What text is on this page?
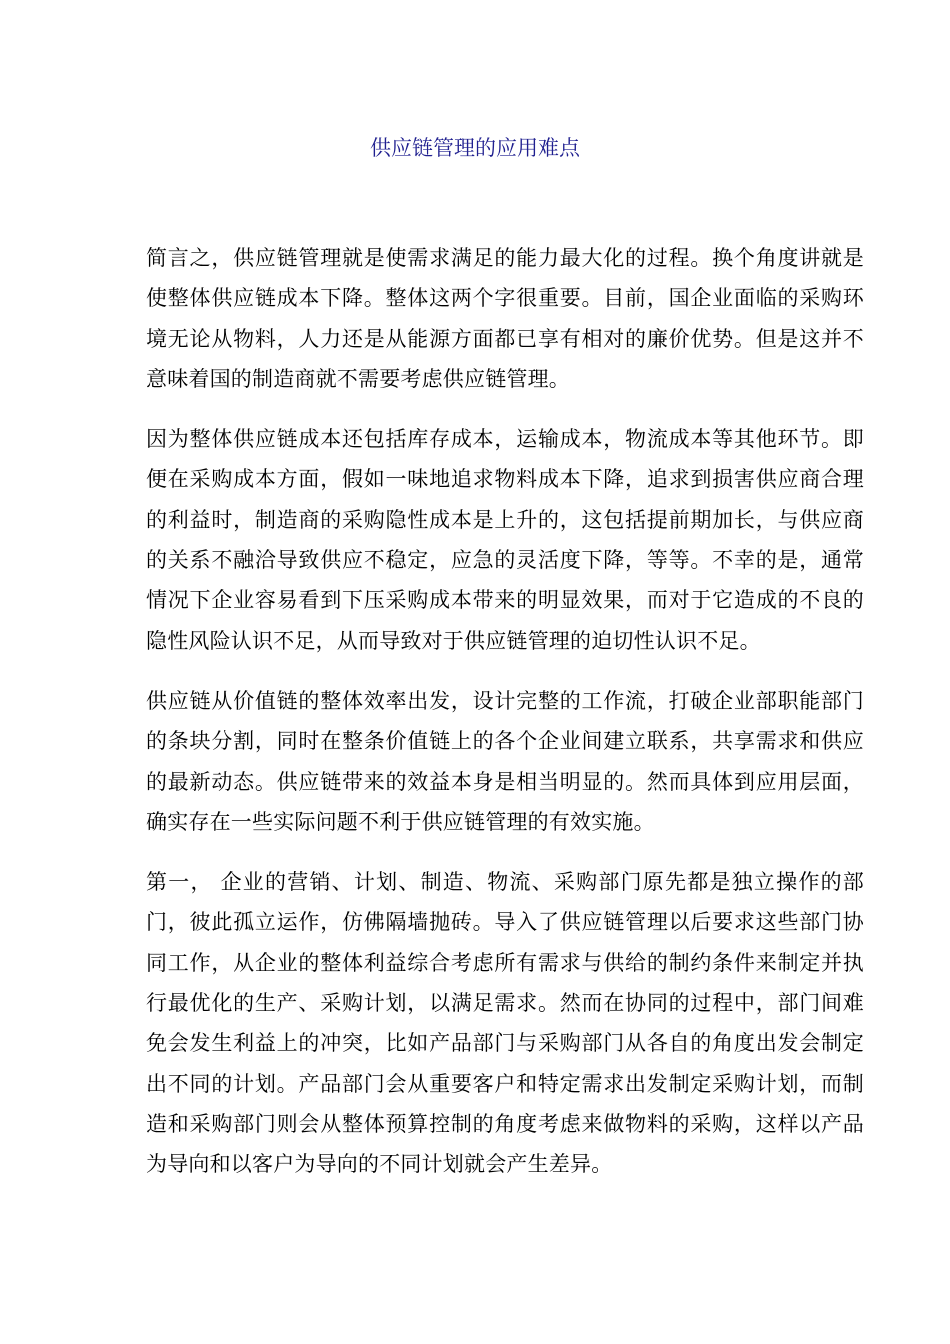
供应链管理的应用难点

简言之，供应链管理就是使需求满足的能力最大化的过程。换个角度讲就是使整体供应链成本下降。整体这两个字很重要。目前，国企业面临的采购环境无论从物料，人力还是从能源方面都已享有相对的廉价优势。但是这并不意味着国的制造商就不需要考虑供应链管理。

因为整体供应链成本还包括库存成本，运输成本，物流成本等其他环节。即便在采购成本方面，假如一味地追求物料成本下降，追求到损害供应商合理的利益时，制造商的采购隐性成本是上升的，这包括提前期加长，与供应商的关系不融洽导致供应不稳定，应急的灵活度下降，等等。不幸的是，通常情况下企业容易看到下压采购成本带来的明显效果，而对于它造成的不良的隐性风险认识不足，从而导致对于供应链管理的迫切性认识不足。

供应链从价值链的整体效率出发，设计完整的工作流，打破企业部职能部门的条块分割，同时在整条价值链上的各个企业间建立联系，共享需求和供应的最新动态。供应链带来的效益本身是相当明显的。然而具体到应用层面，确实存在一些实际问题不利于供应链管理的有效实施。

第一， 企业的营销、计划、制造、物流、采购部门原先都是独立操作的部门，彼此孤立运作，仿佛隔墙抛砖。导入了供应链管理以后要求这些部门协同工作，从企业的整体利益综合考虑所有需求与供给的制约条件来制定并执行最优化的生产、采购计划，以满足需求。然而在协同的过程中，部门间难免会发生利益上的冲突，比如产品部门与采购部门从各自的角度出发会制定出不同的计划。产品部门会从重要客户和特定需求出发制定采购计划，而制造和采购部门则会从整体预算控制的角度考虑来做物料的采购，这样以产品为导向和以客户为导向的不同计划就会产生差异。
